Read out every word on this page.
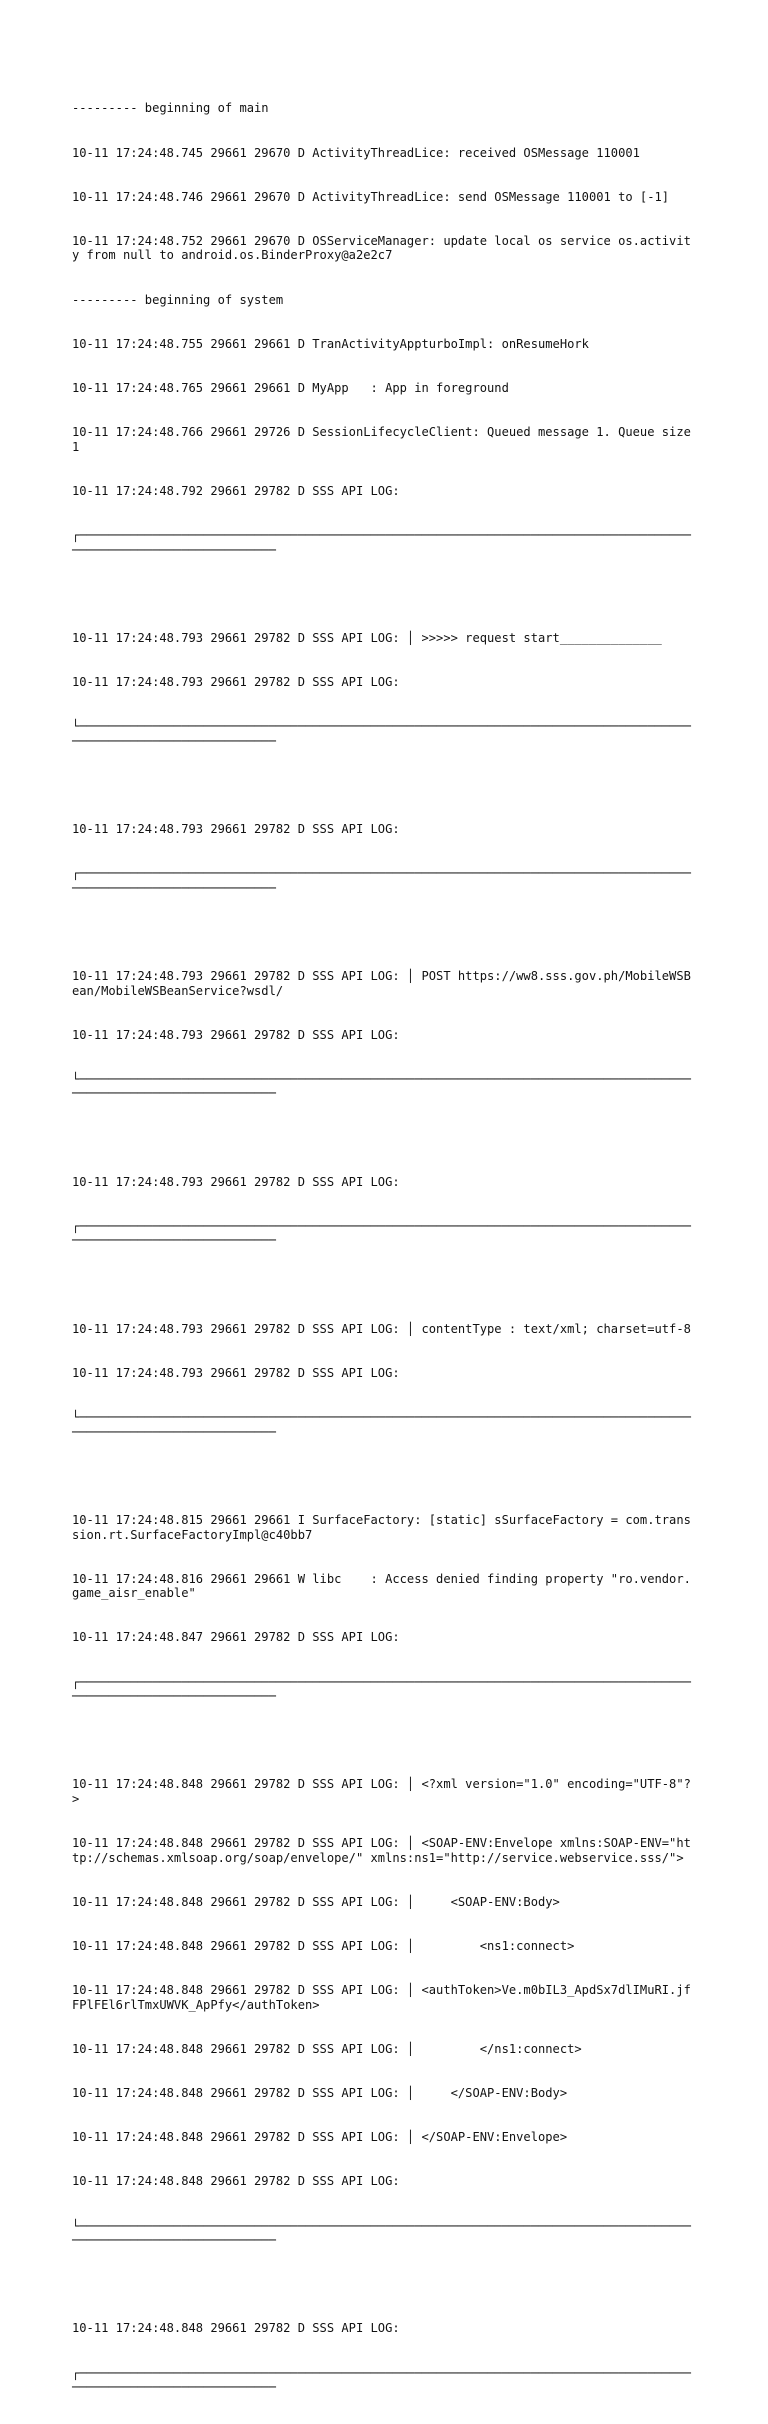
--------- beginning of main

10-11 17:24:48.745 29661 29670 D ActivityThreadLice: received OSMessage 110001

10-11 17:24:48.746 29661 29670 D ActivityThreadLice: send OSMessage 110001 to [-1]

10-11 17:24:48.752 29661 29670 D OSServiceManager: update local os service os.activity from null to android.os.BinderProxy@a2e2c7

--------- beginning of system

10-11 17:24:48.755 29661 29661 D TranActivityAppturboImpl: onResumeHork

10-11 17:24:48.765 29661 29661 D MyApp   : App in foreground

10-11 17:24:48.766 29661 29726 D SessionLifecycleClient: Queued message 1. Queue size 1

10-11 17:24:48.792 29661 29782 D SSS API LOG:

┌────────────────────────────────────────────────────────────────────────────────────────────────────────────────

10-11 17:24:48.793 29661 29782 D SSS API LOG: │ >>>>> request start______________

10-11 17:24:48.793 29661 29782 D SSS API LOG:

└────────────────────────────────────────────────────────────────────────────────────────────────────────────────

10-11 17:24:48.793 29661 29782 D SSS API LOG:

┌────────────────────────────────────────────────────────────────────────────────────────────────────────────────

10-11 17:24:48.793 29661 29782 D SSS API LOG: │ POST https://ww8.sss.gov.ph/MobileWSBean/MobileWSBeanService?wsdl/

10-11 17:24:48.793 29661 29782 D SSS API LOG:

└────────────────────────────────────────────────────────────────────────────────────────────────────────────────

10-11 17:24:48.793 29661 29782 D SSS API LOG:

┌────────────────────────────────────────────────────────────────────────────────────────────────────────────────

10-11 17:24:48.793 29661 29782 D SSS API LOG: │ contentType : text/xml; charset=utf-8

10-11 17:24:48.793 29661 29782 D SSS API LOG:

└────────────────────────────────────────────────────────────────────────────────────────────────────────────────

10-11 17:24:48.815 29661 29661 I SurfaceFactory: [static] sSurfaceFactory = com.transsion.rt.SurfaceFactoryImpl@c40bb7

10-11 17:24:48.816 29661 29661 W libc    : Access denied finding property "ro.vendor.game_aisr_enable"

10-11 17:24:48.847 29661 29782 D SSS API LOG:

┌────────────────────────────────────────────────────────────────────────────────────────────────────────────────

10-11 17:24:48.848 29661 29782 D SSS API LOG: │ <?xml version="1.0" encoding="UTF-8"?>

10-11 17:24:48.848 29661 29782 D SSS API LOG: │ <SOAP-ENV:Envelope xmlns:SOAP-ENV="http://schemas.xmlsoap.org/soap/envelope/" xmlns:ns1="http://service.webservice.sss/">

10-11 17:24:48.848 29661 29782 D SSS API LOG: │     <SOAP-ENV:Body>

10-11 17:24:48.848 29661 29782 D SSS API LOG: │         <ns1:connect>

10-11 17:24:48.848 29661 29782 D SSS API LOG: │ <authToken>Ve.m0bIL3_ApdSx7dlIMuRI.jfFPlFEl6rlTmxUWVK_ApPfy</authToken>

10-11 17:24:48.848 29661 29782 D SSS API LOG: │         </ns1:connect>

10-11 17:24:48.848 29661 29782 D SSS API LOG: │     </SOAP-ENV:Body>

10-11 17:24:48.848 29661 29782 D SSS API LOG: │ </SOAP-ENV:Envelope>

10-11 17:24:48.848 29661 29782 D SSS API LOG:

└────────────────────────────────────────────────────────────────────────────────────────────────────────────────

10-11 17:24:48.848 29661 29782 D SSS API LOG:

┌────────────────────────────────────────────────────────────────────────────────────────────────────────────────
